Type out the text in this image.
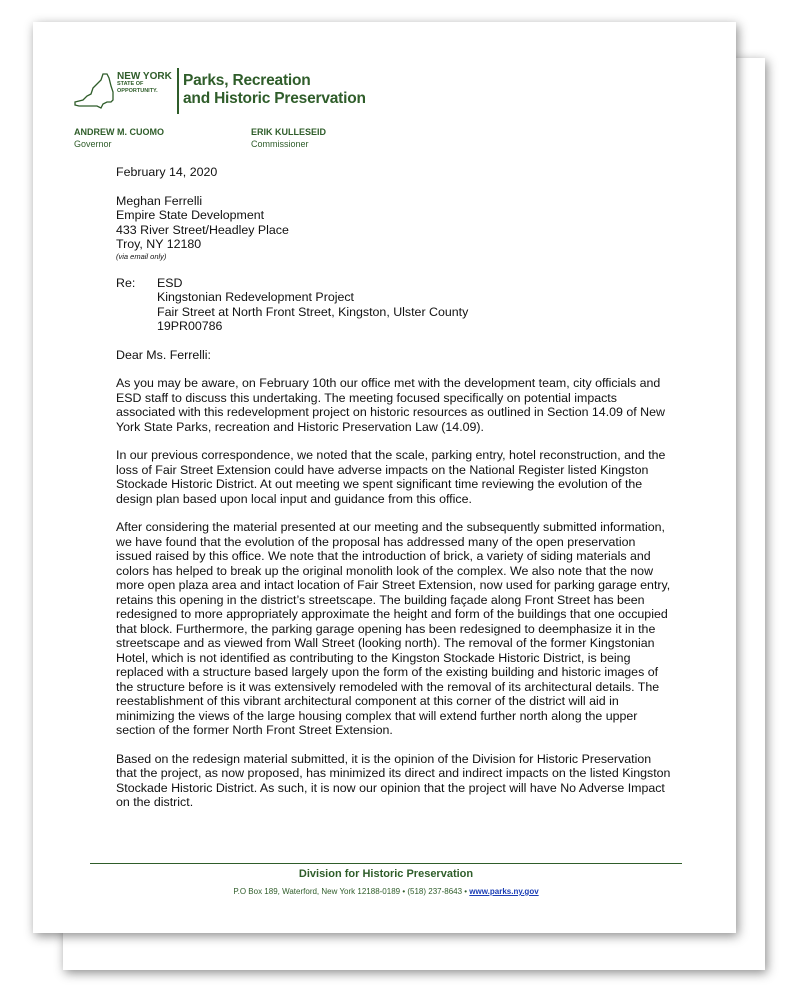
NEW YORK
STATE OF
OPPORTUNITY.
Parks, Recreation
and Historic Preservation
ANDREW M. CUOMO
Governor
ERIK KULLESEID
Commissioner

February 14, 2020

Meghan Ferrelli
Empire State Development
433 River Street/Headley Place
Troy, NY 12180
(via email only)
Re:	ESD
Kingstonian Redevelopment Project
Fair Street at North Front Street, Kingston, Ulster County
19PR00786

Dear Ms. Ferrelli:

As you may be aware, on February 10th our office met with the development team, city officials and ESD staff to discuss this undertaking. The meeting focused specifically on potential impacts associated with this redevelopment project on historic resources as outlined in Section 14.09 of New York State Parks, recreation and Historic Preservation Law (14.09).

In our previous correspondence, we noted that the scale, parking entry, hotel reconstruction, and the loss of Fair Street Extension could have adverse impacts on the National Register listed Kingston Stockade Historic District. At out meeting we spent significant time reviewing the evolution of the design plan based upon local input and guidance from this office.

After considering the material presented at our meeting and the subsequently submitted information, we have found that the evolution of the proposal has addressed many of the open preservation issued raised by this office. We note that the introduction of brick, a variety of siding materials and colors has helped to break up the original monolith look of the complex. We also note that the now more open plaza area and intact location of Fair Street Extension, now used for parking garage entry, retains this opening in the district’s streetscape. The building façade along Front Street has been redesigned to more appropriately approximate the height and form of the buildings that one occupied that block. Furthermore, the parking garage opening has been redesigned to deemphasize it in the streetscape and as viewed from Wall Street (looking north). The removal of the former Kingstonian Hotel, which is not identified as contributing to the Kingston Stockade Historic District, is being replaced with a structure based largely upon the form of the existing building and historic images of the structure before is it was extensively remodeled with the removal of its architectural details. The reestablishment of this vibrant architectural component at this corner of the district will aid in minimizing the views of the large housing complex that will extend further north along the upper section of the former North Front Street Extension.

Based on the redesign material submitted, it is the opinion of the Division for Historic Preservation that the project, as now proposed, has minimized its direct and indirect impacts on the listed Kingston Stockade Historic District. As such, it is now our opinion that the project will have No Adverse Impact on the district.

Division for Historic Preservation
P.O Box 189, Waterford, New York 12188-0189 • (518) 237-8643 • www.parks.ny.gov
